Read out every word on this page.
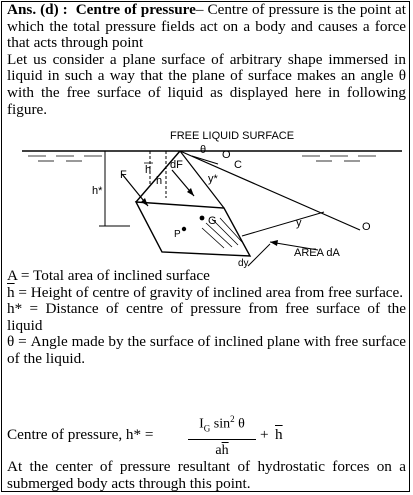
Ans. (d) : Centre of pressure– Centre of pressure is the point at which the total pressure fields act on a body and causes a force that acts through point

Let us consider a plane surface of arbitrary shape immersed in liquid in such a way that the plane of surface makes an angle θ with the free surface of liquid as displayed here in following figure.

FREE LIQUID SURFACE
θ O
C
dF
F
h*
h
h	y*
y
G
P
O
dy
AREA dA

A = Total area of inclined surface

$\overline{h}$ = Height of centre of gravity of inclined area from free surface.

h* = Distance of centre of pressure from free surface of the liquid

θ = Angle made by the surface of inclined plane with free surface of the liquid.

Centre of pressure, h* =
$I_G$ $\sin^2 \theta$
$a\overline{h}$
+ $\overline{h}$
At the center of pressure resultant of hydrostatic forces on a submerged body acts through this point.
